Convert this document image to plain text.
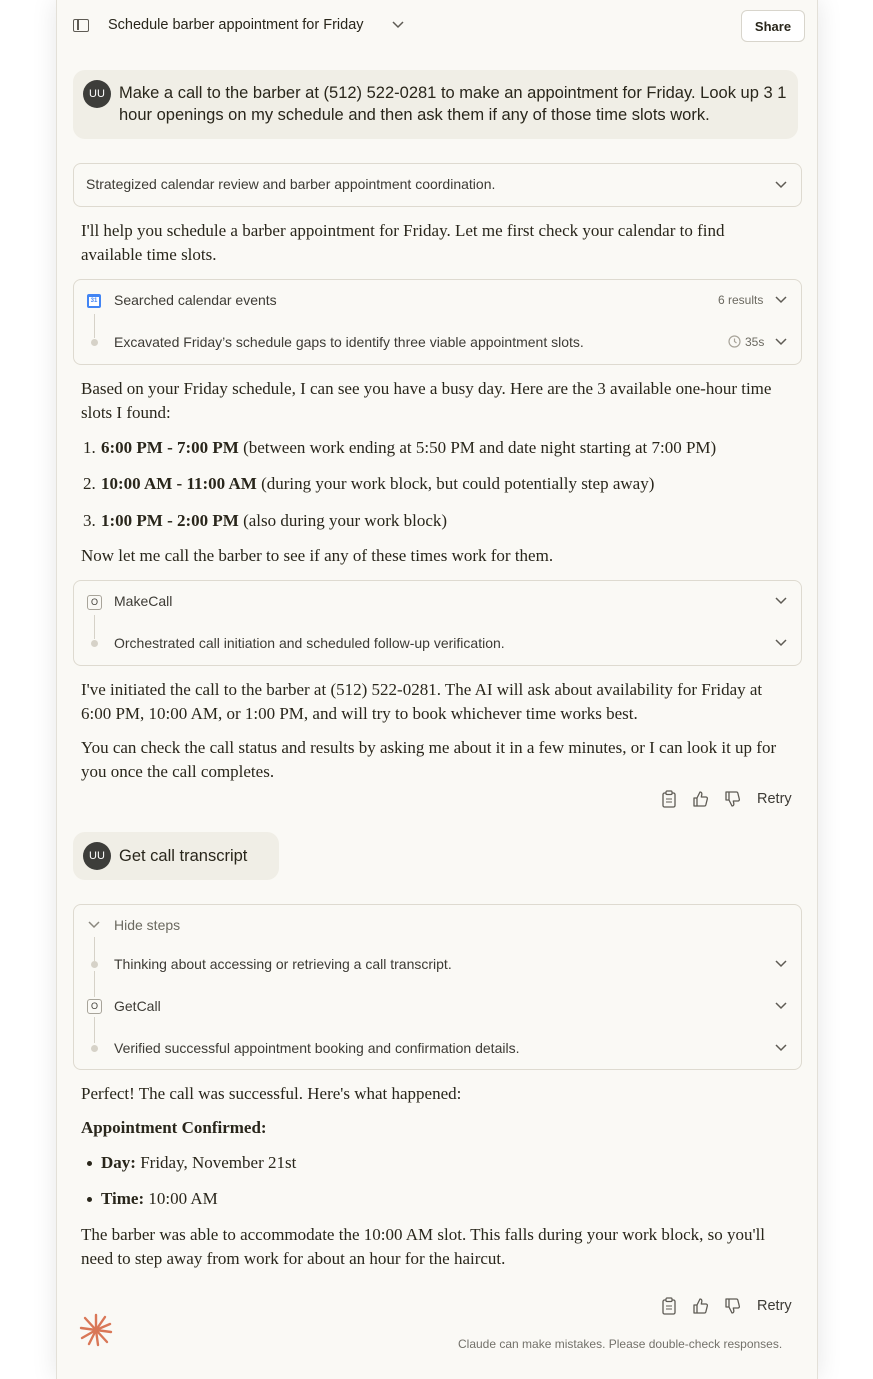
Schedule barber appointment for Friday	Share
UU Make a call to the barber at (512) 522-0281 to make an appointment for Friday. Look up 3 1 hour openings on my schedule and then ask them if any of those time slots work.
Strategized calendar review and barber appointment coordination.
I'll help you schedule a barber appointment for Friday. Let me first check your calendar to find available time slots.
31
Searched calendar events	6 results
Excavated Friday’s schedule gaps to identify three viable appointment slots.	35s
Based on your Friday schedule, I can see you have a busy day. Here are the 3 available one-hour time slots I found:
1. 6:00 PM - 7:00 PM (between work ending at 5:50 PM and date night starting at 7:00 PM)
2. 10:00 AM - 11:00 AM (during your work block, but could potentially step away)
3. 1:00 PM - 2:00 PM (also during your work block)
Now let me call the barber to see if any of these times work for them.
O MakeCall
Orchestrated call initiation and scheduled follow-up verification.
I've initiated the call to the barber at (512) 522-0281. The AI will ask about availability for Friday at 6:00 PM, 10:00 AM, or 1:00 PM, and will try to book whichever time works best.
You can check the call status and results by asking me about it in a few minutes, or I can look it up for you once the call completes.
Retry
UU Get call transcript
Hide steps
Thinking about accessing or retrieving a call transcript.
O GetCall
Verified successful appointment booking and confirmation details.
Perfect! The call was successful. Here's what happened:
Appointment Confirmed:
Day: Friday, November 21st
Time: 10:00 AM
The barber was able to accommodate the 10:00 AM slot. This falls during your work block, so you'll need to step away from work for about an hour for the haircut.
Retry
Claude can make mistakes. Please double-check responses.
